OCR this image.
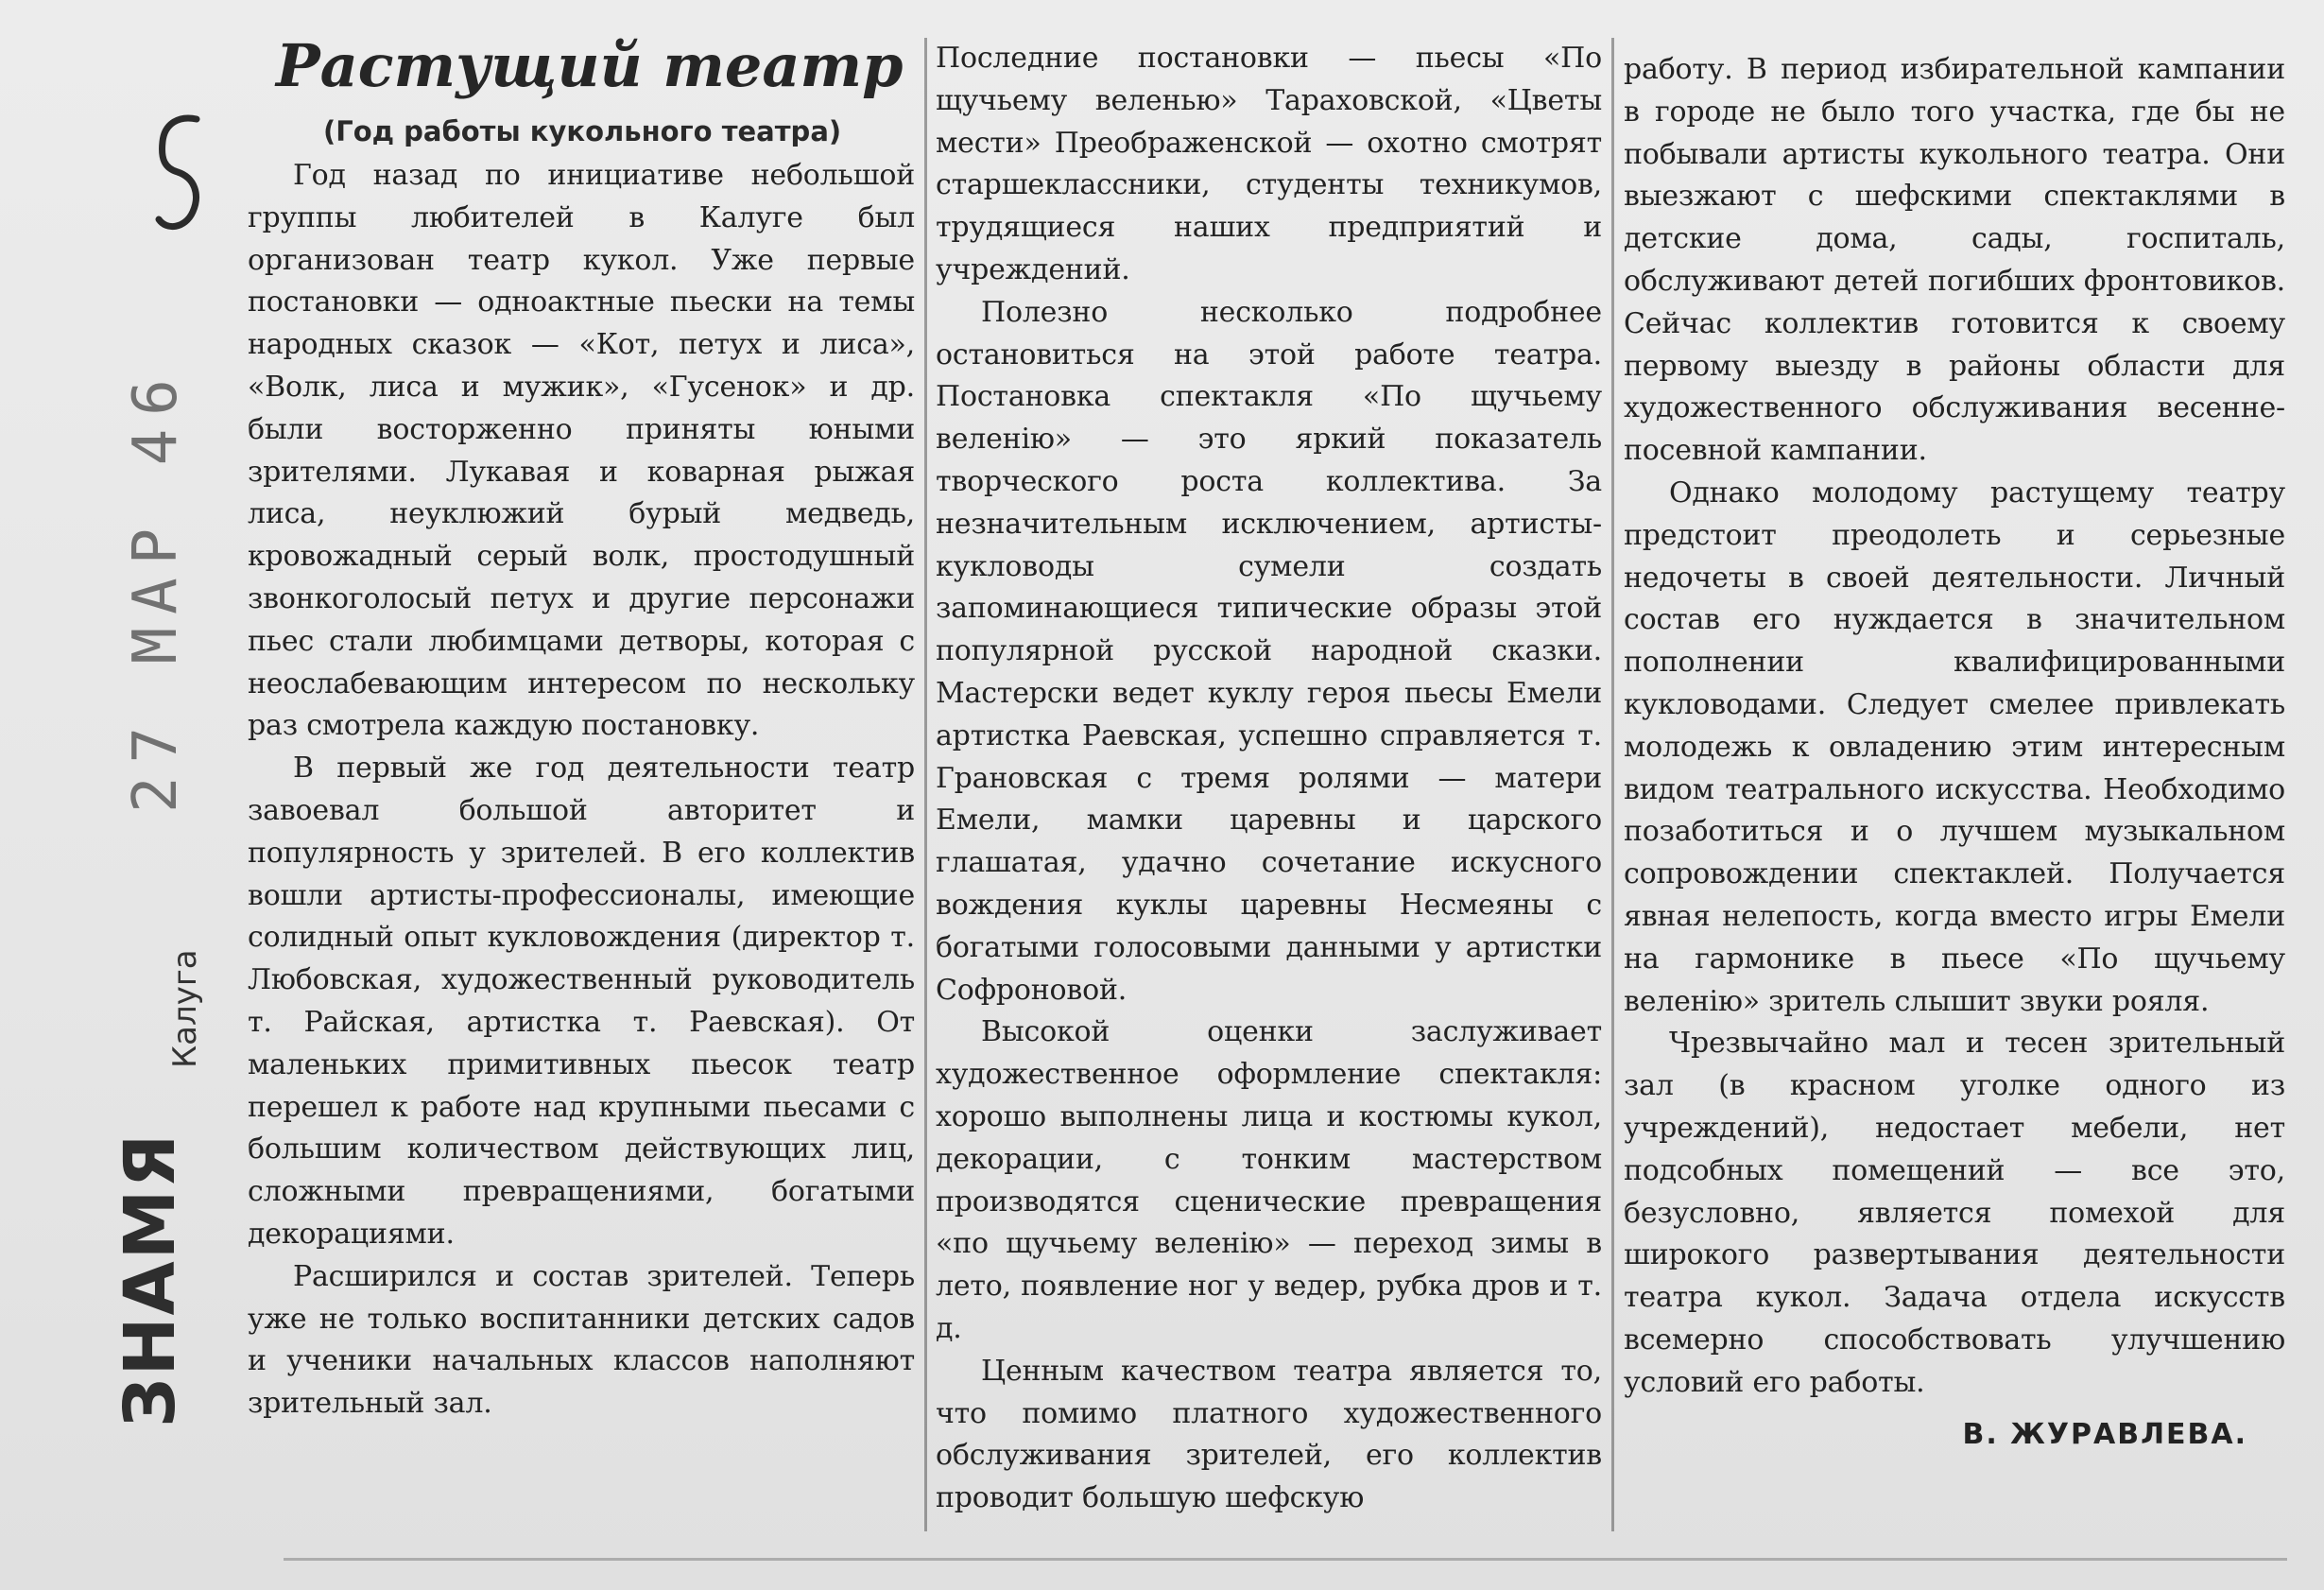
27 МАР 46
Калуга
ЗНАМЯ
Растущий театр
(Год работы кукольного театра)

Год назад по инициативе небольшой группы любителей в Калуге был организован театр кукол. Уже первые постановки — одноактные пьески на темы народных сказок — «Кот, петух и лиса», «Волк, лиса и мужик», «Гусенок» и др. были восторженно приняты юными зрителями. Лукавая и коварная рыжая лиса, неуклюжий бурый медведь, кровожадный серый волк, простодушный звонкоголосый петух и другие персонажи пьес стали любимцами детворы, которая с неослабевающим интересом по нескольку раз смотрела каждую постановку.

В первый же год деятельности театр завоевал большой авторитет и популярность у зрителей. В его коллектив вошли артисты-профессионалы, имеющие солидный опыт кукловождения (директор т. Любовская, художественный руководитель т. Райская, артистка т. Раевская). От маленьких примитивных пьесок театр перешел к работе над крупными пьесами с большим количеством действующих лиц, сложными превращениями, богатыми декорациями.

Расширился и состав зрителей. Теперь уже не только воспитанники детских садов и ученики начальных классов наполняют зрительный зал.

Последние постановки — пьесы «По щучьему веленью» Тараховской, «Цветы мести» Преображенской — охотно смотрят старшеклассники, студенты техникумов, трудящиеся наших предприятий и учреждений.

Полезно несколько подробнее остановиться на этой работе театра. Постановка спектакля «По щучьему веленію» — это яркий показатель творческого роста коллектива. За незначительным исключением, артисты-кукловоды сумели создать запоминающиеся типические образы этой популярной русской народной сказки. Мастерски ведет куклу героя пьесы Емели артистка Раевская, успешно справляется т. Грановская с тремя ролями — матери Емели, мамки царевны и царского глашатая, удачно сочетание искусного вождения куклы царевны Несмеяны с богатыми голосовыми данными у артистки Софроновой.

Высокой оценки заслуживает художественное оформление спектакля: хорошо выполнены лица и костюмы кукол, декорации, с тонким мастерством производятся сценические превращения «по щучьему веленію» — переход зимы в лето, появление ног у ведер, рубка дров и т. д.

Ценным качеством театра является то, что помимо платного художественного обслуживания зрителей, его коллектив проводит большую шефскую

работу. В период избирательной кампании в городе не было того участка, где бы не побывали артисты кукольного театра. Они выезжают с шефскими спектаклями в детские дома, сады, госпиталь, обслуживают детей погибших фронтовиков. Сейчас коллектив готовится к своему первому выезду в районы области для художественного обслуживания весенне-посевной кампании.

Однако молодому растущему театру предстоит преодолеть и серьезные недочеты в своей деятельности. Личный состав его нуждается в значительном пополнении квалифицированными кукловодами. Следует смелее привлекать молодежь к овладению этим интересным видом театрального искусства. Необходимо позаботиться и о лучшем музыкальном сопровождении спектаклей. Получается явная нелепость, когда вместо игры Емели на гармонике в пьесе «По щучьему веленію» зритель слышит звуки рояля.

Чрезвычайно мал и тесен зрительный зал (в красном уголке одного из учреждений), недостает мебели, нет подсобных помещений — все это, безусловно, является помехой для широкого развертывания деятельности театра кукол. Задача отдела искусств всемерно способствовать улучшению условий его работы.

В. ЖУРАВЛЕВА.
